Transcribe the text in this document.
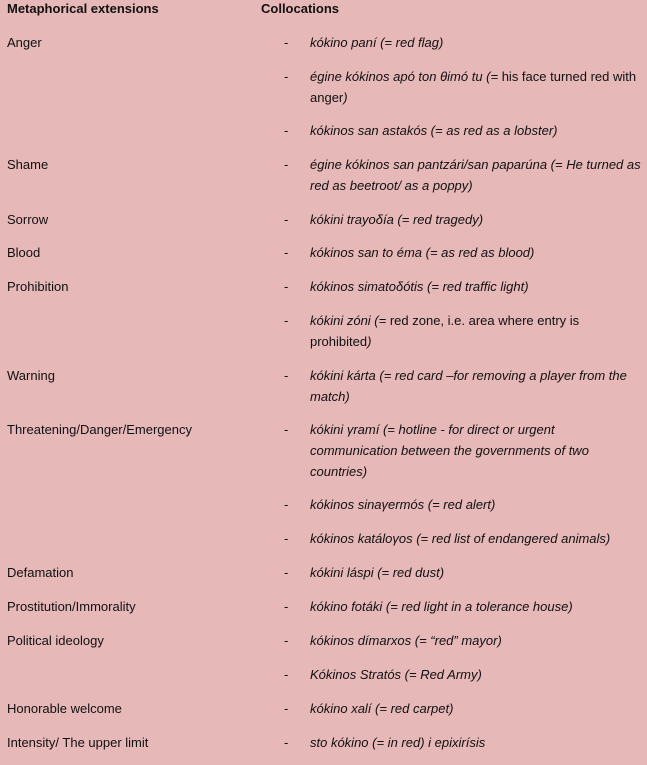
Metaphorical extensions	Collocations
Anger	- kókino paní (= red flag)
- égine kókinos apó ton θimó tu (= his face turned red with anger)
- kókinos san astakós (= as red as a lobster)
Shame	- égine kókinos san pantzári/san paparúna (= He turned as red as beetroot/ as a poppy)
Sorrow	- kókini trayoδía (= red tragedy)
Blood	- kókinos san to éma (= as red as blood)
Prohibition	- kókinos simatoδótis (= red traffic light)
- kókini zóni (= red zone, i.e. area where entry is prohibited)
Warning	- kókini kárta (= red card –for removing a player from the match)
Threatening/Danger/Emergency	- kókini γramí (= hotline - for direct or urgent communication between the governments of two countries)
- kókinos sinaγermós (= red alert)
- kókinos katáloγos (= red list of endangered animals)
Defamation	- kókini láspi (= red dust)
Prostitution/Immorality	- kókino fotáki (= red light in a tolerance house)
Political ideology	- kókinos dímarxos (= “red” mayor)
- Kókinos Stratós (= Red Army)
Honorable welcome	- kókino xalí (= red carpet)
Intensity/ The upper limit	- sto kókino (= in red) i epixirísis
